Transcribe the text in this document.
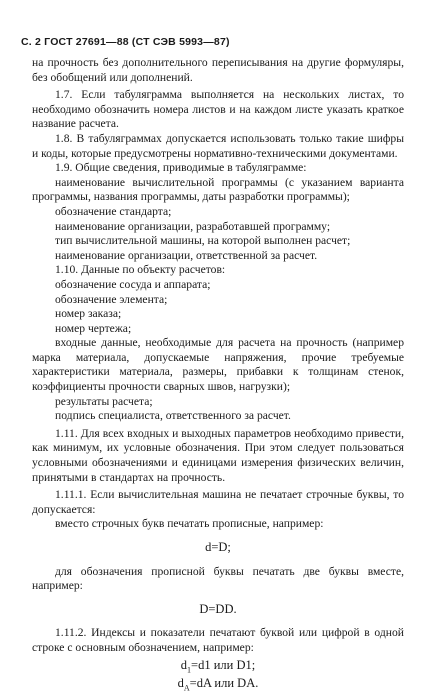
С. 2 ГОСТ 27691—88 (СТ СЭВ 5993—87)

на прочность без дополнительного переписывания на другие формуляры, без обобщений или дополнений.

1.7. Если табуляграмма выполняется на нескольких листах, то необходимо обозначить номера листов и на каждом листе указать краткое название расчета.

1.8. В табуляграммах допускается использовать только такие шифры и коды, которые предусмотрены нормативно-техническими документами.

1.9. Общие сведения, приводимые в табуляграмме:

наименование вычислительной программы (с указанием варианта программы, названия программы, даты разработки программы);

обозначение стандарта;

наименование организации, разработавшей программу;

тип вычислительной машины, на которой выполнен расчет;

наименование организации, ответственной за расчет.

1.10. Данные по объекту расчетов:

обозначение сосуда и аппарата;

обозначение элемента;

номер заказа;

номер чертежа;

входные данные, необходимые для расчета на прочность (например марка материала, допускаемые напряжения, прочие требуемые характеристики материала, размеры, прибавки к толщинам стенок, коэффициенты прочности сварных швов, нагрузки);

результаты расчета;

подпись специалиста, ответственного за расчет.

1.11. Для всех входных и выходных параметров необходимо привести, как минимум, их условные обозначения. При этом следует пользоваться условными обозначениями и единицами измерения физических величин, принятыми в стандартах на прочность.

1.11.1. Если вычислительная машина не печатает строчные буквы, то допускается:

вместо строчных букв печатать прописные, например:

d=D;

для обозначения прописной буквы печатать две буквы вместе, например:

D=DD.

1.11.2. Индексы и показатели печатают буквой или цифрой в одной строке с основным обозначением, например:

$d_1=d1$ или D1;

$d_A=dA$ или DA.
